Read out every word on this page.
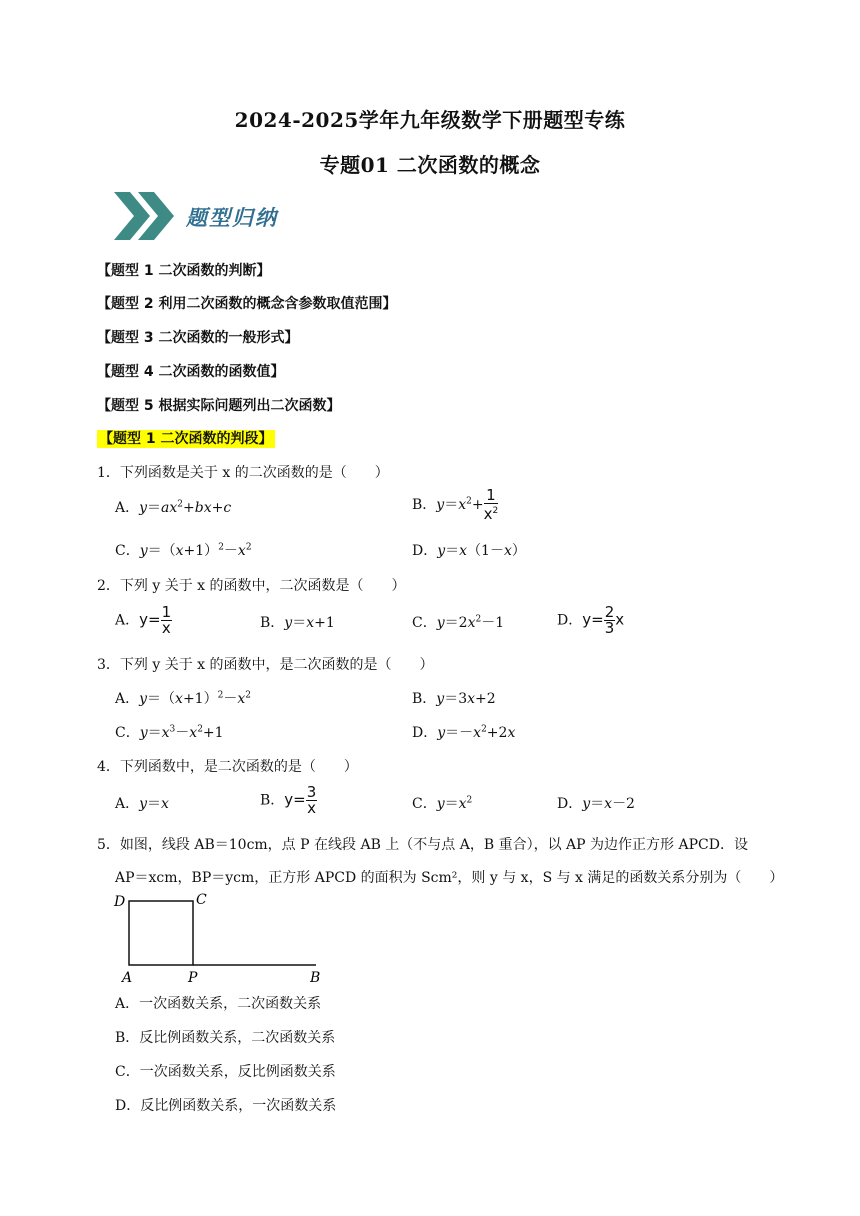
2024-2025学年九年级数学下册题型专练
专题01 二次函数的概念
题型归纳
【题型 1 二次函数的判断】
【题型 2 利用二次函数的概念含参数取值范围】
【题型 3 二次函数的一般形式】
【题型 4 二次函数的函数值】
【题型 5 根据实际问题列出二次函数】
【题型 1 二次函数的判段】
1．下列函数是关于 x 的二次函数的是（　　）
A．$y=ax^2+bx+c$	B．$y=x^2+ \frac{1}{x^2}$
C．$y=(x+1)^2-x^2$	D．y＝x（1－x）
2．下列 y 关于 x 的函数中，二次函数是（　　）
A．$y= \frac{1}{x}$	B．y＝x+1	C．$y=2x^2-1$	D．$y= \frac{2}{3}$ x
3．下列 y 关于 x 的函数中，是二次函数的是（　　）
A．$y=(x+1)^2-x^2$	B．y＝3x+2
C．$y=x^3-x^2+1$	D．$y=-x^2+2x$
4．下列函数中，是二次函数的是（　　）
A．y＝x	B．$y= \frac{3}{x}$	C．$y=x^2$	D．y＝x－2
5．如图，线段 AB＝10cm，点 P 在线段 AB 上（不与点 A，B 重合），以 AP 为边作正方形 APCD．设
AP＝xcm，BP＝ycm，正方形 APCD 的面积为 Scm²，则 y 与 x，S 与 x 满足的函数关系分别为（　　）
D	C
A	P	B
A．一次函数关系，二次函数关系
B．反比例函数关系，二次函数关系
C．一次函数关系，反比例函数关系
D．反比例函数关系，一次函数关系
